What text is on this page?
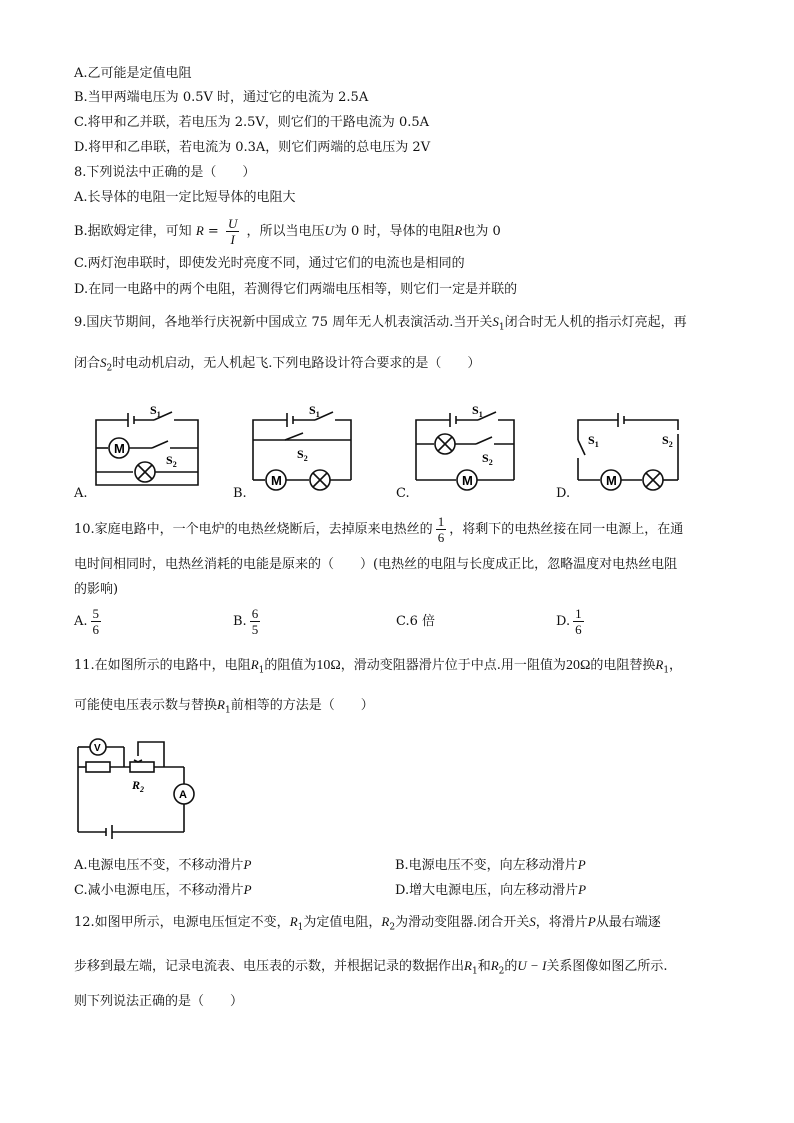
A.乙可能是定值电阻
B.当甲两端电压为 0.5V 时，通过它的电流为 2.5A
C.将甲和乙并联，若电压为 2.5V，则它们的干路电流为 0.5A
D.将甲和乙串联，若电流为 0.3A，则它们两端的总电压为 2V
8.下列说法中正确的是（　　）
A.长导体的电阻一定比短导体的电阻大
B.据欧姆定律，可知 $R = \frac{U}{I}$ ，所以当电压U为 0 时，导体的电阻R也为 0
C.两灯泡串联时，即使发光时亮度不同，通过它们的电流也是相同的
D.在同一电路中的两个电阻，若测得它们两端电压相等，则它们一定是并联的
9.国庆节期间，各地举行庆祝新中国成立 75 周年无人机表演活动.当开关$S_1$闭合时无人机的指示灯亮起，再
闭合$S_2$时电动机启动，无人机起飞.下列电路设计符合要求的是（　　）
M
$S_1$
$S_2$
A.
M
$S_1$
$S_2$
B.
M
$S_1$
$S_2$
C.
M
$S_1$	$S_2$
D.
10.家庭电路中，一个电炉的电热丝烧断后，去掉原来电热丝的 $\frac{1}{6}$ ，将剩下的电热丝接在同一电源上，在通
电时间相同时，电热丝消耗的电能是原来的（　　）(电热丝的电阻与长度成正比，忽略温度对电热丝电阻
的影响)
A. $\frac{5}{6}$	B. $\frac{6}{5}$	C.6 倍	D. $\frac{1}{6}$
11.在如图所示的电路中，电阻$R_1$的阻值为10Ω，滑动变阻器滑片位于中点.用一阻值为20Ω的电阻替换$R_1$，
可能使电压表示数与替换$R_1$前相等的方法是（　　）
V
A
$R_2$
A.电源电压不变，不移动滑片P	B.电源电压不变，向左移动滑片P
C.减小电源电压，不移动滑片P	D.增大电源电压，向左移动滑片P
12.如图甲所示，电源电压恒定不变，$R_1$为定值电阻，$R_2$为滑动变阻器.闭合开关S，将滑片P从最右端逐
步移到最左端，记录电流表、电压表的示数，并根据记录的数据作出$R_1$和$R_2$的U − I关系图像如图乙所示.
则下列说法正确的是（　　）
